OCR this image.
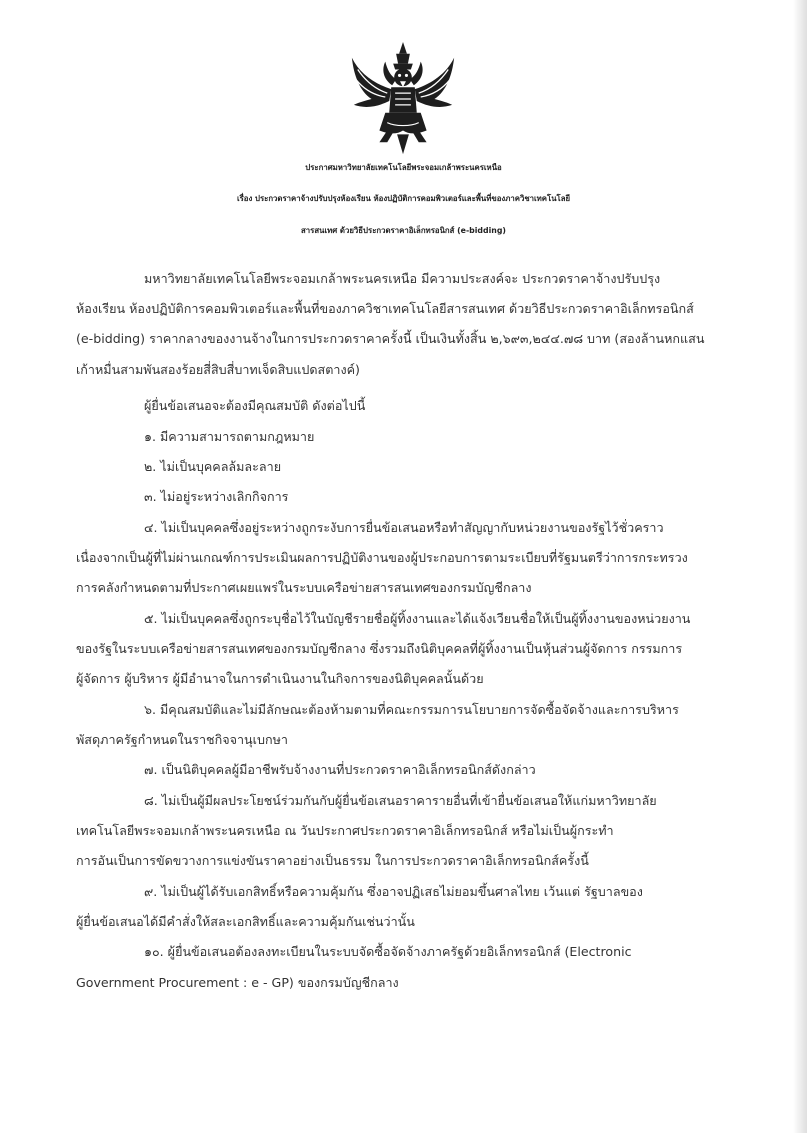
ประกาศมหาวิทยาลัยเทคโนโลยีพระจอมเกล้าพระนครเหนือ
เรื่อง ประกวดราคาจ้างปรับปรุงห้องเรียน ห้องปฏิบัติการคอมพิวเตอร์และพื้นที่ของภาควิชาเทคโนโลยี
สารสนเทศ ด้วยวิธีประกวดราคาอิเล็กทรอนิกส์ (e-bidding)
มหาวิทยาลัยเทคโนโลยีพระจอมเกล้าพระนครเหนือ มีความประสงค์จะ ประกวดราคาจ้างปรับปรุง
ห้องเรียน ห้องปฏิบัติการคอมพิวเตอร์และพื้นที่ของภาควิชาเทคโนโลยีสารสนเทศ ด้วยวิธีประกวดราคาอิเล็กทรอนิกส์
(e-bidding) ราคากลางของงานจ้างในการประกวดราคาครั้งนี้ เป็นเงินทั้งสิ้น ๒,๖๙๓,๒๔๔.๗๘ บาท (สองล้านหกแสน
เก้าหมื่นสามพันสองร้อยสี่สิบสี่บาทเจ็ดสิบแปดสตางค์)
ผู้ยื่นข้อเสนอจะต้องมีคุณสมบัติ ดังต่อไปนี้
๑. มีความสามารถตามกฎหมาย
๒. ไม่เป็นบุคคลล้มละลาย
๓. ไม่อยู่ระหว่างเลิกกิจการ
๔. ไม่เป็นบุคคลซึ่งอยู่ระหว่างถูกระงับการยื่นข้อเสนอหรือทำสัญญากับหน่วยงานของรัฐไว้ชั่วคราว
เนื่องจากเป็นผู้ที่ไม่ผ่านเกณฑ์การประเมินผลการปฏิบัติงานของผู้ประกอบการตามระเบียบที่รัฐมนตรีว่าการกระทรวง
การคลังกำหนดตามที่ประกาศเผยแพร่ในระบบเครือข่ายสารสนเทศของกรมบัญชีกลาง
๕. ไม่เป็นบุคคลซึ่งถูกระบุชื่อไว้ในบัญชีรายชื่อผู้ทิ้งงานและได้แจ้งเวียนชื่อให้เป็นผู้ทิ้งงานของหน่วยงาน
ของรัฐในระบบเครือข่ายสารสนเทศของกรมบัญชีกลาง ซึ่งรวมถึงนิติบุคคลที่ผู้ทิ้งงานเป็นหุ้นส่วนผู้จัดการ กรรมการ
ผู้จัดการ ผู้บริหาร ผู้มีอำนาจในการดำเนินงานในกิจการของนิติบุคคลนั้นด้วย
๖. มีคุณสมบัติและไม่มีลักษณะต้องห้ามตามที่คณะกรรมการนโยบายการจัดซื้อจัดจ้างและการบริหาร
พัสดุภาครัฐกำหนดในราชกิจจานุเบกษา
๗. เป็นนิติบุคคลผู้มีอาชีพรับจ้างงานที่ประกวดราคาอิเล็กทรอนิกส์ดังกล่าว
๘. ไม่เป็นผู้มีผลประโยชน์ร่วมกันกับผู้ยื่นข้อเสนอราคารายอื่นที่เข้ายื่นข้อเสนอให้แก่มหาวิทยาลัย
เทคโนโลยีพระจอมเกล้าพระนครเหนือ ณ วันประกาศประกวดราคาอิเล็กทรอนิกส์ หรือไม่เป็นผู้กระทำ
การอันเป็นการขัดขวางการแข่งขันราคาอย่างเป็นธรรม ในการประกวดราคาอิเล็กทรอนิกส์ครั้งนี้
๙. ไม่เป็นผู้ได้รับเอกสิทธิ์หรือความคุ้มกัน ซึ่งอาจปฏิเสธไม่ยอมขึ้นศาลไทย เว้นแต่ รัฐบาลของ
ผู้ยื่นข้อเสนอได้มีคำสั่งให้สละเอกสิทธิ์และความคุ้มกันเช่นว่านั้น
๑๐. ผู้ยื่นข้อเสนอต้องลงทะเบียนในระบบจัดซื้อจัดจ้างภาครัฐด้วยอิเล็กทรอนิกส์ (Electronic
Government Procurement : e - GP) ของกรมบัญชีกลาง
